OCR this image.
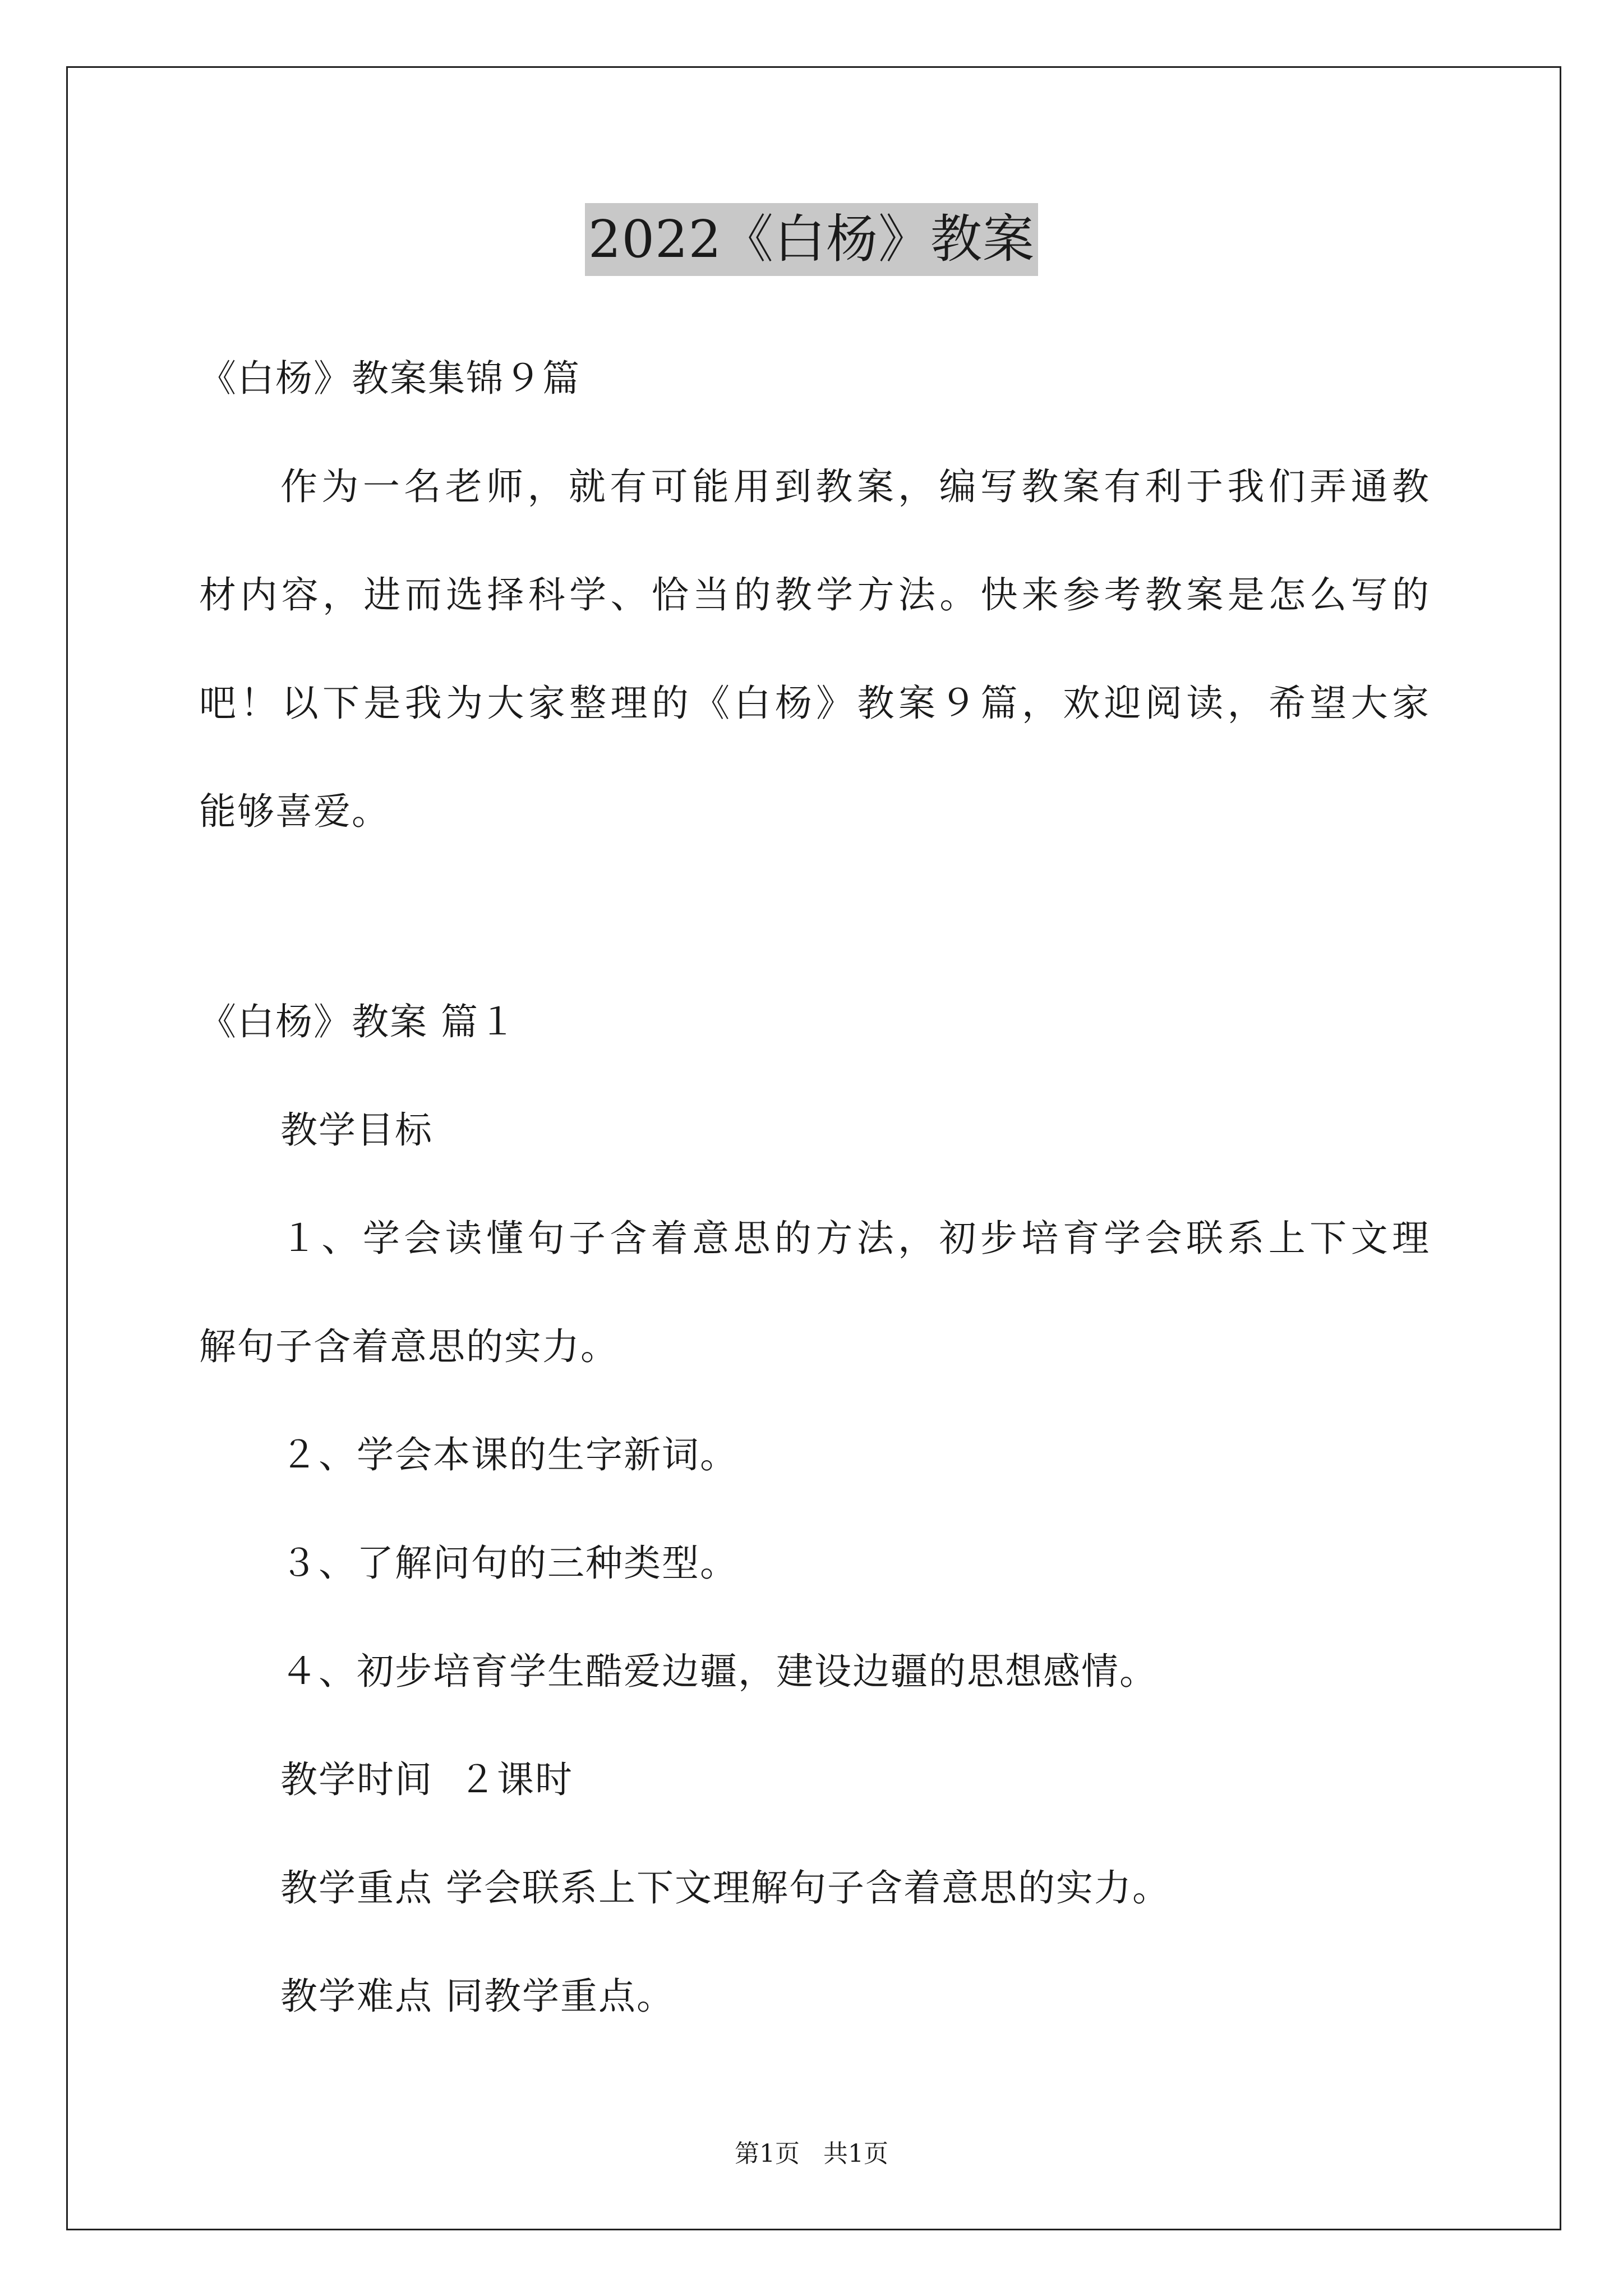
2022《白杨》教案
《白杨》教案集锦９篇
作为一名老师，就有可能用到教案，编写教案有利于我们弄通教
材内容，进而选择科学、恰当的教学方法。快来参考教案是怎么写的
吧！以下是我为大家整理的《白杨》教案９篇，欢迎阅读，希望大家
能够喜爱。
《白杨》教案 篇１
教学目标
１、学会读懂句子含着意思的方法，初步培育学会联系上下文理
解句子含着意思的实力。
２、学会本课的生字新词。
３、了解问句的三种类型。
４、初步培育学生酷爱边疆，建设边疆的思想感情。
教学时间  ２课时
教学重点 学会联系上下文理解句子含着意思的实力。
教学难点 同教学重点。
第1页   共1页
